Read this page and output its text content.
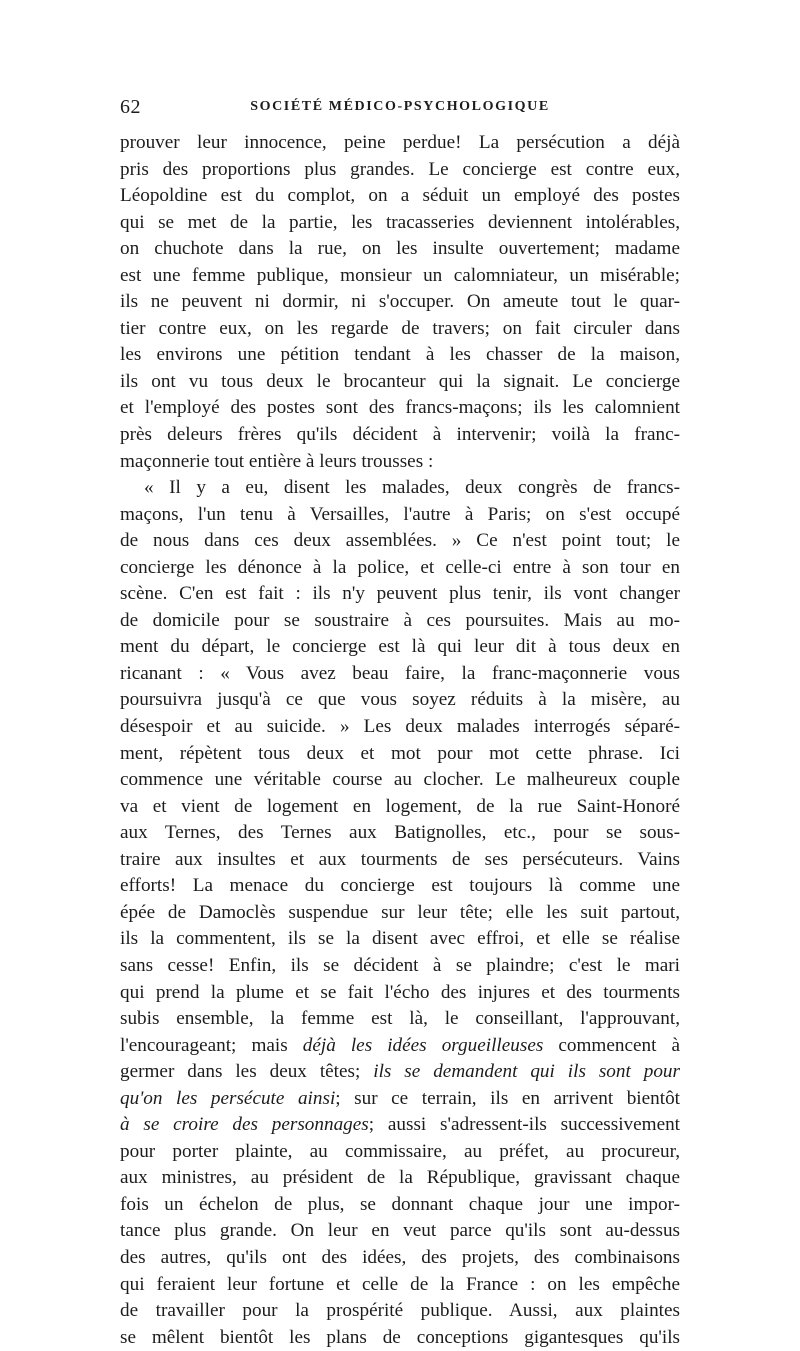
62	SOCIÉTÉ MÉDICO-PSYCHOLOGIQUE
prouver leur innocence, peine perdue! La persécution a déjà
pris des proportions plus grandes. Le concierge est contre eux,
Léopoldine est du complot, on a séduit un employé des postes
qui se met de la partie, les tracasseries deviennent intolérables,
on chuchote dans la rue, on les insulte ouvertement; madame
est une femme publique, monsieur un calomniateur, un misérable;
ils ne peuvent ni dormir, ni s'occuper. On ameute tout le quar-
tier contre eux, on les regarde de travers; on fait circuler dans
les environs une pétition tendant à les chasser de la maison,
ils ont vu tous deux le brocanteur qui la signait. Le concierge
et l'employé des postes sont des francs-maçons; ils les calomnient
près deleurs frères qu'ils décident à intervenir; voilà la franc-
maçonnerie tout entière à leurs trousses :
« Il y a eu, disent les malades, deux congrès de francs-
maçons, l'un tenu à Versailles, l'autre à Paris; on s'est occupé
de nous dans ces deux assemblées. » Ce n'est point tout; le
concierge les dénonce à la police, et celle-ci entre à son tour en
scène. C'en est fait : ils n'y peuvent plus tenir, ils vont changer
de domicile pour se soustraire à ces poursuites. Mais au mo-
ment du départ, le concierge est là qui leur dit à tous deux en
ricanant : « Vous avez beau faire, la franc-maçonnerie vous
poursuivra jusqu'à ce que vous soyez réduits à la misère, au
désespoir et au suicide. » Les deux malades interrogés séparé-
ment, répètent tous deux et mot pour mot cette phrase. Ici
commence une véritable course au clocher. Le malheureux couple
va et vient de logement en logement, de la rue Saint-Honoré
aux Ternes, des Ternes aux Batignolles, etc., pour se sous-
traire aux insultes et aux tourments de ses persécuteurs. Vains
efforts! La menace du concierge est toujours là comme une
épée de Damoclès suspendue sur leur tête; elle les suit partout,
ils la commentent, ils se la disent avec effroi, et elle se réalise
sans cesse! Enfin, ils se décident à se plaindre; c'est le mari
qui prend la plume et se fait l'écho des injures et des tourments
subis ensemble, la femme est là, le conseillant, l'approuvant,
l'encourageant; mais déjà les idées orgueilleuses commencent à
germer dans les deux têtes; ils se demandent qui ils sont pour
qu'on les persécute ainsi; sur ce terrain, ils en arrivent bientôt
à se croire des personnages; aussi s'adressent-ils successivement
pour porter plainte, au commissaire, au préfet, au procureur,
aux ministres, au président de la République, gravissant chaque
fois un échelon de plus, se donnant chaque jour une impor-
tance plus grande. On leur en veut parce qu'ils sont au-dessus
des autres, qu'ils ont des idées, des projets, des combinaisons
qui feraient leur fortune et celle de la France : on les empêche
de travailler pour la prospérité publique. Aussi, aux plaintes
se mêlent bientôt les plans de conceptions gigantesques qu'ils
